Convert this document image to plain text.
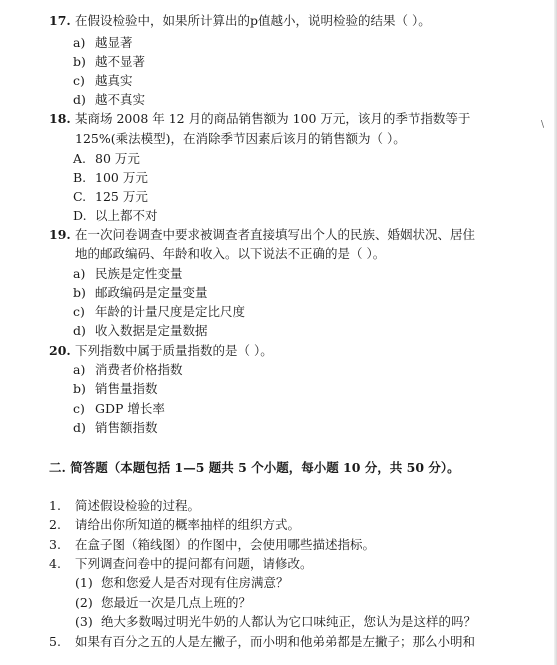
17. 在假设检验中，如果所计算出的p值越小，说明检验的结果（ ）。
a) 越显著
b) 越不显著
c) 越真实
d) 越不真实
18. 某商场 2008 年 12 月的商品销售额为 100 万元，该月的季节指数等于
125%(乘法模型)，在消除季节因素后该月的销售额为（ ）。
\
A. 80 万元
B. 100 万元
C. 125 万元
D. 以上都不对
19. 在一次问卷调查中要求被调查者直接填写出个人的民族、婚姻状况、居住
地的邮政编码、年龄和收入。以下说法不正确的是（ ）。
a) 民族是定性变量
b) 邮政编码是定量变量
c) 年龄的计量尺度是定比尺度
d) 收入数据是定量数据
20. 下列指数中属于质量指数的是（ ）。
a) 消费者价格指数
b) 销售量指数
c) GDP 增长率
d) 销售额指数
二. 简答题（本题包括 1—5 题共 5 个小题，每小题 10 分，共 50 分）。
1. 简述假设检验的过程。
2. 请给出你所知道的概率抽样的组织方式。
3. 在盒子图（箱线图）的作图中，会使用哪些描述指标。
4. 下列调查问卷中的提问都有问题，请修改。
(1) 您和您爱人是否对现有住房满意？
(2) 您最近一次是几点上班的？
(3) 绝大多数喝过明光牛奶的人都认为它口味纯正，您认为是这样的吗？
5. 如果有百分之五的人是左撇子，而小明和他弟弟都是左撇子；那么小明和
